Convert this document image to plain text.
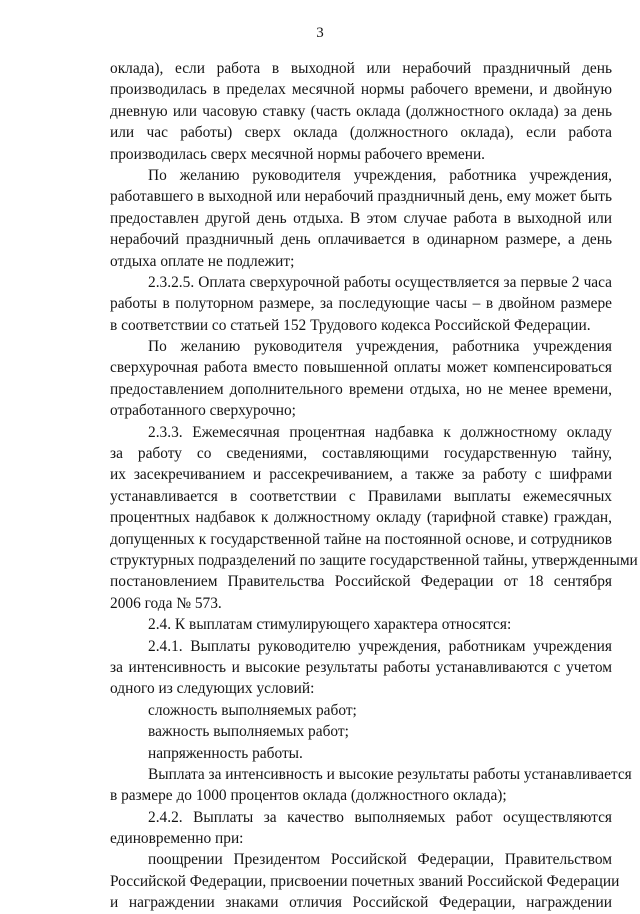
3
оклада), если работа в выходной или нерабочий праздничный день
производилась в пределах месячной нормы рабочего времени, и двойную
дневную или часовую ставку (часть оклада (должностного оклада) за день
или час работы) сверх оклада (должностного оклада), если работа
производилась сверх месячной нормы рабочего времени.
По желанию руководителя учреждения, работника учреждения,
работавшего в выходной или нерабочий праздничный день, ему может быть
предоставлен другой день отдыха. В этом случае работа в выходной или
нерабочий праздничный день оплачивается в одинарном размере, а день
отдыха оплате не подлежит;
2.3.2.5. Оплата сверхурочной работы осуществляется за первые 2 часа
работы в полуторном размере, за последующие часы – в двойном размере
в соответствии со статьей 152 Трудового кодекса Российской Федерации.
По желанию руководителя учреждения, работника учреждения
сверхурочная работа вместо повышенной оплаты может компенсироваться
предоставлением дополнительного времени отдыха, но не менее времени,
отработанного сверхурочно;
2.3.3. Ежемесячная процентная надбавка к должностному окладу
за работу со сведениями, составляющими государственную тайну,
их засекречиванием и рассекречиванием, а также за работу с шифрами
устанавливается в соответствии с Правилами выплаты ежемесячных
процентных надбавок к должностному окладу (тарифной ставке) граждан,
допущенных к государственной тайне на постоянной основе, и сотрудников
структурных подразделений по защите государственной тайны, утвержденными
постановлением Правительства Российской Федерации от 18 сентября
2006 года № 573.
2.4. К выплатам стимулирующего характера относятся:
2.4.1. Выплаты руководителю учреждения, работникам учреждения
за интенсивность и высокие результаты работы устанавливаются с учетом
одного из следующих условий:
сложность выполняемых работ;
важность выполняемых работ;
напряженность работы.
Выплата за интенсивность и высокие результаты работы устанавливается
в размере до 1000 процентов оклада (должностного оклада);
2.4.2. Выплаты за качество выполняемых работ осуществляются
единовременно при:
поощрении Президентом Российской Федерации, Правительством
Российской Федерации, присвоении почетных званий Российской Федерации
и награждении знаками отличия Российской Федерации, награждении
